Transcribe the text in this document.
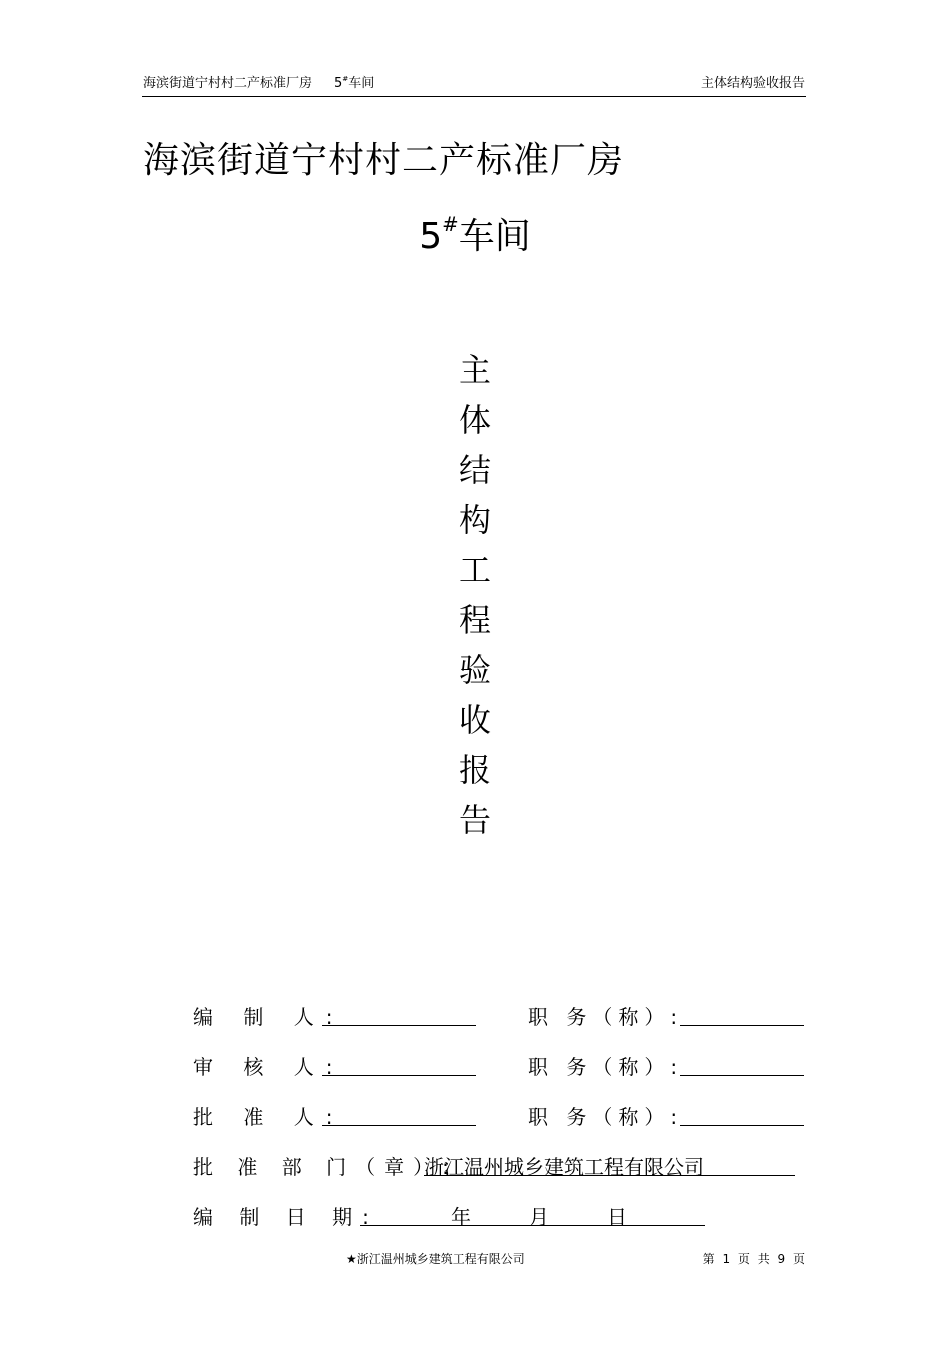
海滨街道宁村村二产标准厂房 5#车间	主体结构验收报告
海滨街道宁村村二产标准厂房
5#车间
主
体
结
构
工
程
验
收
报
告
编 制 人:	职 务（称）:
审 核 人:	职 务（称）:
批 准 人:	职 务（称）:
批 准 部 门（章）:
浙江温州城乡建筑工程有限公司
编 制 日 期:	年	月	日
★浙江温州城乡建筑工程有限公司	第 1 页 共 9 页
